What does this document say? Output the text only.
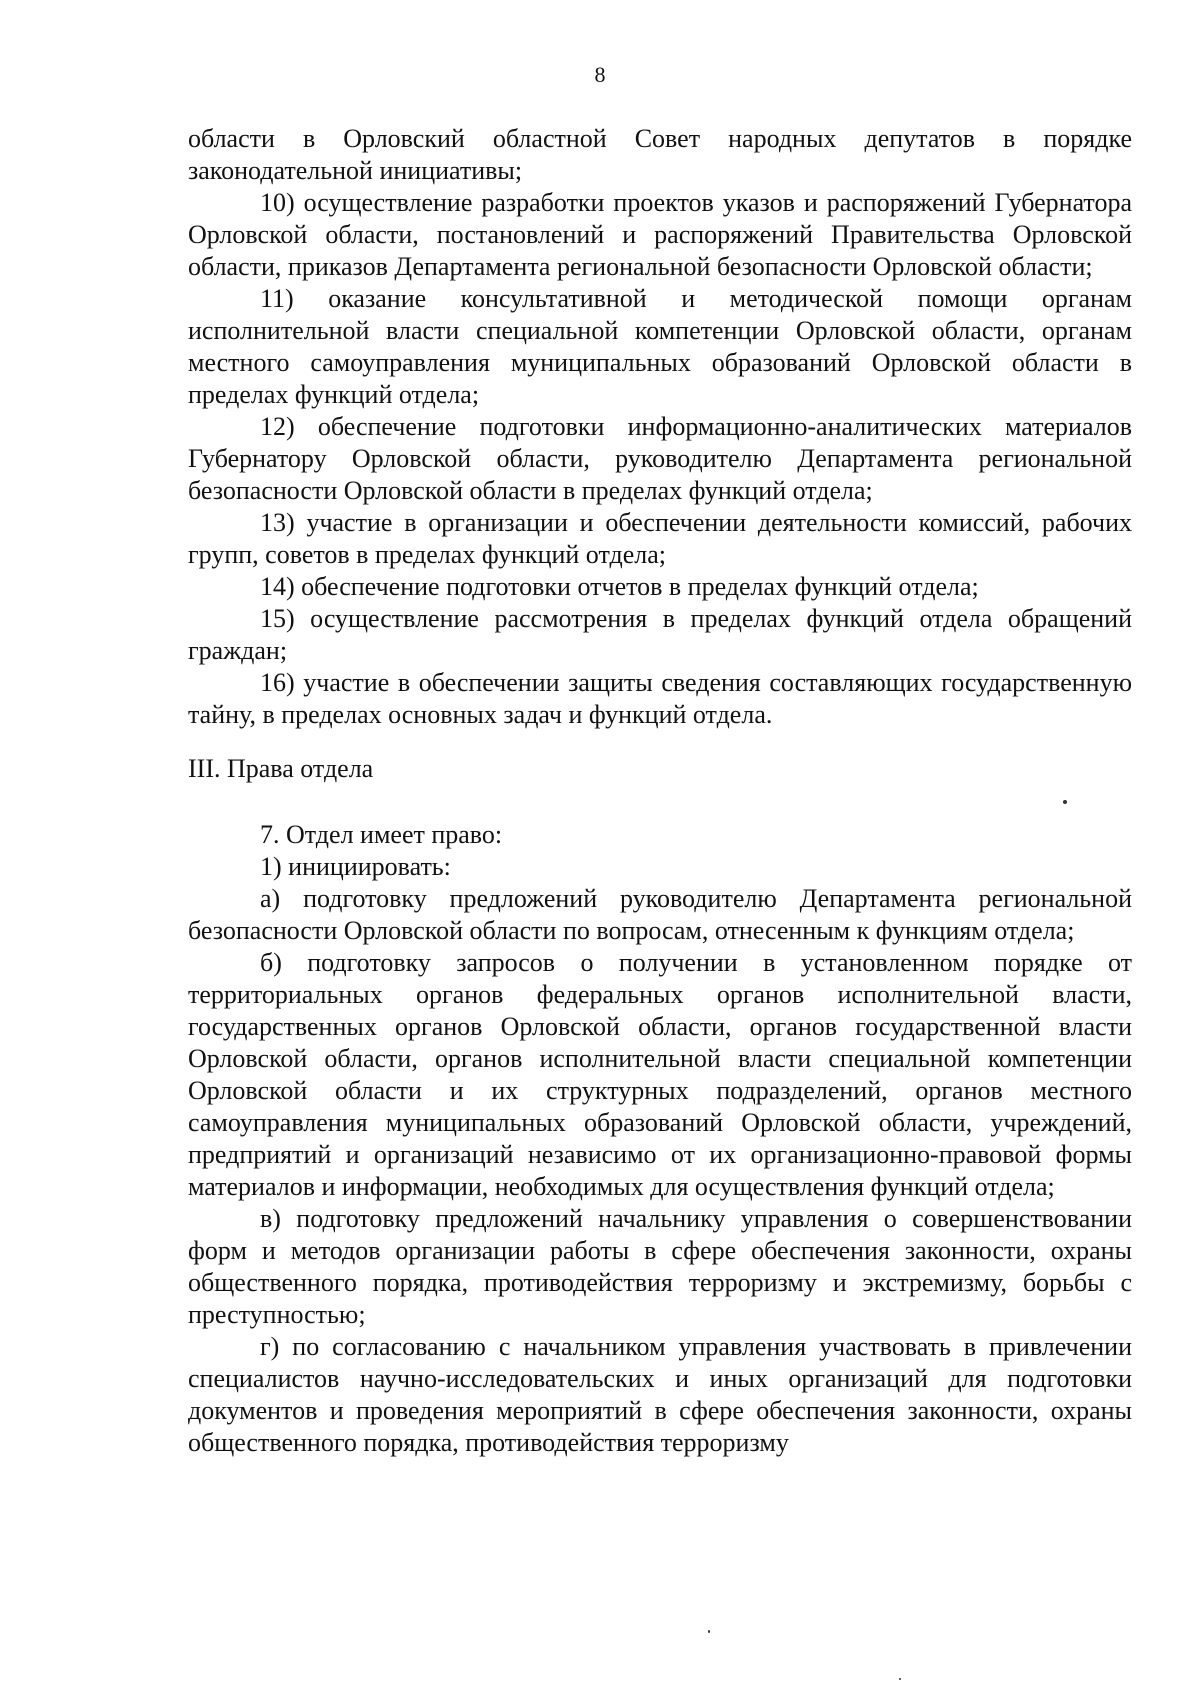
8

области в Орловский областной Совет народных депутатов в порядке законодательной инициативы;

10) осуществление разработки проектов указов и распоряжений Губернатора Орловской области, постановлений и распоряжений Правительства Орловской области, приказов Департамента региональной безопасности Орловской области;

11) оказание консультативной и методической помощи органам исполнительной власти специальной компетенции Орловской области, органам местного самоуправления муниципальных образований Орловской области в пределах функций отдела;

12) обеспечение подготовки информационно-аналитических материалов Губернатору Орловской области, руководителю Департамента региональной безопасности Орловской области в пределах функций отдела;

13) участие в организации и обеспечении деятельности комиссий, рабочих групп, советов в пределах функций отдела;

14) обеспечение подготовки отчетов в пределах функций отдела;

15) осуществление рассмотрения в пределах функций отдела обращений граждан;

16) участие в обеспечении защиты сведения составляющих государственную тайну, в пределах основных задач и функций отдела.

III. Права отдела

7. Отдел имеет право:

1) инициировать:

а) подготовку предложений руководителю Департамента региональной безопасности Орловской области по вопросам, отнесенным к функциям отдела;

б) подготовку запросов о получении в установленном порядке от территориальных органов федеральных органов исполнительной власти, государственных органов Орловской области, органов государственной власти Орловской области, органов исполнительной власти специальной компетенции Орловской области и их структурных подразделений, органов местного самоуправления муниципальных образований Орловской области, учреждений, предприятий и организаций независимо от их организационно-правовой формы материалов и информации, необходимых для осуществления функций отдела;

в) подготовку предложений начальнику управления о совершенствовании форм и методов организации работы в сфере обеспечения законности, охраны общественного порядка, противодействия терроризму и экстремизму, борьбы с преступностью;

г) по согласованию с начальником управления участвовать в привлечении специалистов научно-исследовательских и иных организаций для подготовки документов и проведения мероприятий в сфере обеспечения законности, охраны общественного порядка, противодействия терроризму
